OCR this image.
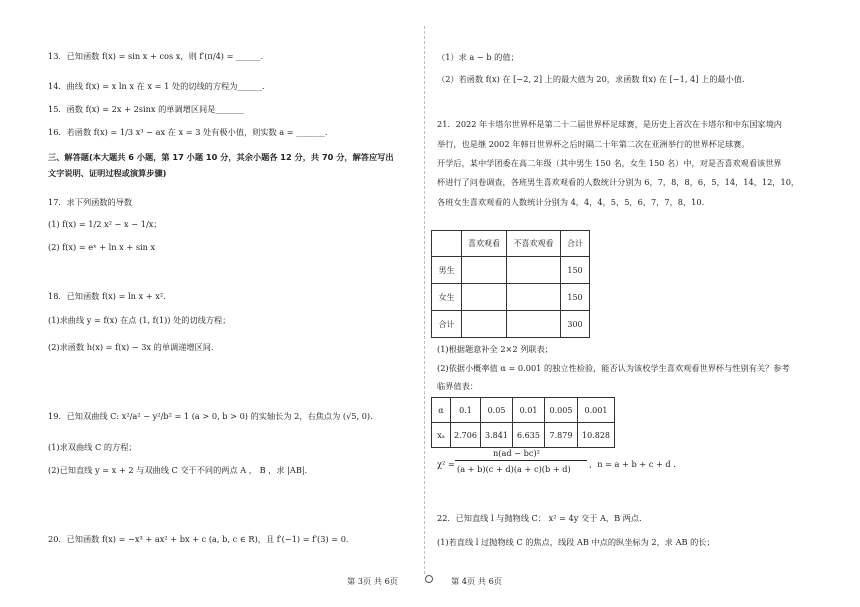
13．已知函数 f(x) = sin x + cos x，则 f′(π/4) = ______.
14．曲线 f(x) = x ln x 在 x = 1 处的切线的方程为______.
15．函数 f(x) = 2x + 2sinx 的单调增区间是_______
16．若函数 f(x) = 1/3 x³ − ax 在 x = 3 处有极小值，则实数 a = _______.
三、解答题(本大题共 6 小题，第 17 小题 10 分，其余小题各 12 分，共 70 分，解答应写出
文字说明、证明过程或演算步骤)
17．求下列函数的导数
(1) f(x) = 1/2 x² − x − 1/x；
(2) f(x) = eˣ + ln x + sin x
18．已知函数 f(x) = ln x + x².
(1)求曲线 y = f(x) 在点 (1, f(1)) 处的切线方程；
(2)求函数 h(x) = f(x) − 3x 的单调递增区间.
19．已知双曲线 C: x²/a² − y²/b² = 1 (a > 0, b > 0) 的实轴长为 2，右焦点为 (√5, 0).
(1)求双曲线 C 的方程；
(2)已知直线 y = x + 2 与双曲线 C 交于不同的两点 A ， B ，求 |AB|.
20．已知函数 f(x) = −x³ + ax² + bx + c (a, b, c ∈ R)，且 f′(−1) = f′(3) = 0.
（1）求 a − b 的值；
（2）若函数 f(x) 在 [−2, 2] 上的最大值为 20，求函数 f(x) 在 [−1, 4] 上的最小值.
21．2022 年卡塔尔世界杯是第二十二届世界杯足球赛，是历史上首次在卡塔尔和中东国家境内
举行，也是继 2002 年韩日世界杯之后时隔二十年第二次在亚洲举行的世界杯足球赛。
开学后，某中学团委在高二年级（其中男生 150 名，女生 150 名）中，对是否喜欢观看该世界
杯进行了问卷调查，各班男生喜欢观看的人数统计分别为 6，7，8，8，6，5，14，14，12，10，
各班女生喜欢观看的人数统计分别为 4，4，4，5，5，6，7，7，8，10.
	喜欢观看	不喜欢观看	合计
男生			150
女生			150
合计			300
(1)根据题意补全 2×2 列联表；
(2)依据小概率值 α = 0.001 的独立性检验，能否认为该校学生喜欢观看世界杯与性别有关？参考
临界值表：
α	0.1	0.05	0.01	0.005	0.001
xₐ	2.706	3.841	6.635	7.879	10.828
χ² =
n(ad − bc)²
(a + b)(c + d)(a + c)(b + d) ，n = a + b + c + d .
22．已知直线 l 与抛物线 C： x² = 4y 交于 A，B 两点.
(1)若直线 l 过抛物线 C 的焦点，线段 AB 中点的纵坐标为 2，求 AB 的长；
第 3页 共 6页	第 4页 共 6页
